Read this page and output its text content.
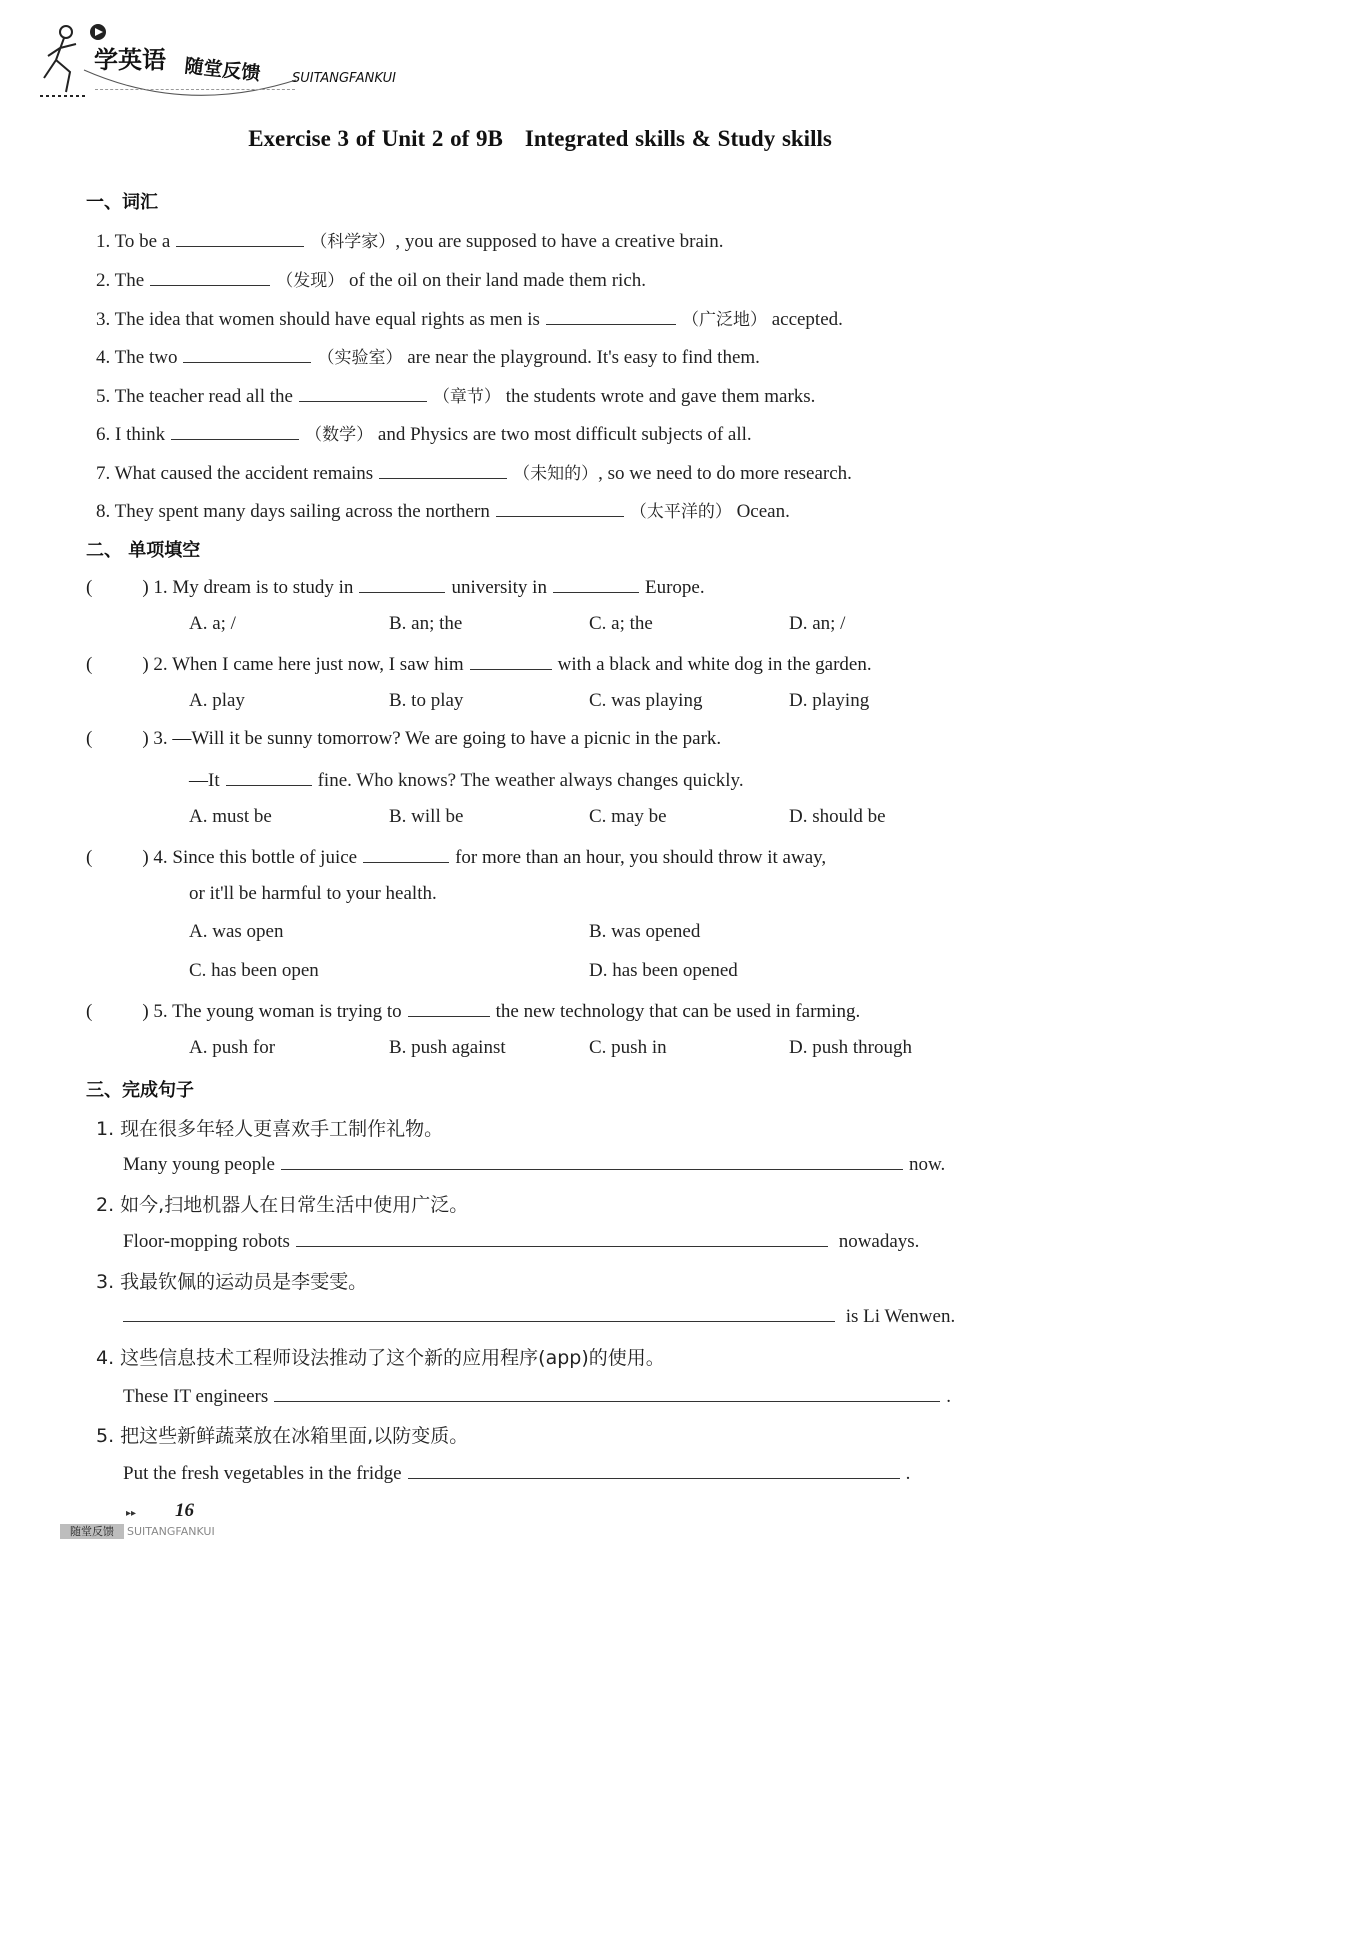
学英语 随堂反馈 SUITANGFANKUI
Exercise 3 of Unit 2 of 9B Integrated skills & Study skills
一、词汇
1. To be a	（科学家）, you are supposed to have a creative brain.
2. The	（发现） of the oil on their land made them rich.
3. The idea that women should have equal rights as men is	（广泛地） accepted.
4. The two	（实验室） are near the playground. It's easy to find them.
5. The teacher read all the	（章节） the students wrote and gave them marks.
6. I think	（数学） and Physics are two most difficult subjects of all.
7. What caused the accident remains	（未知的）, so we need to do more research.
8. They spent many days sailing across the northern	（太平洋的） Ocean.
二、 单项填空
(	) 1. My dream is to study in	university in	Europe.
A. a; /	B. an; the	C. a; the	D. an; /
(	) 2. When I came here just now, I saw him	with a black and white dog in the garden.
A. play	B. to play	C. was playing	D. playing
(	) 3. —Will it be sunny tomorrow? We are going to have a picnic in the park.
—It	fine. Who knows? The weather always changes quickly.
A. must be	B. will be	C. may be	D. should be
(	) 4. Since this bottle of juice	for more than an hour, you should throw it away,
or it'll be harmful to your health.
A. was open	B. was opened
C. has been open	D. has been opened
(	) 5. The young woman is trying to	the new technology that can be used in farming.
A. push for	B. push against	C. push in	D. push through
三、完成句子
1. 现在很多年轻人更喜欢手工制作礼物。
Many young people	now.
2. 如今,扫地机器人在日常生活中使用广泛。
Floor-mopping robots	nowadays.
3. 我最钦佩的运动员是李雯雯。
is Li Wenwen.
4. 这些信息技术工程师设法推动了这个新的应用程序(app)的使用。
These IT engineers	.
5. 把这些新鲜蔬菜放在冰箱里面,以防变质。
Put the fresh vegetables in the fridge	.
▸▸ 16
随堂反馈	SUITANGFANKUI
